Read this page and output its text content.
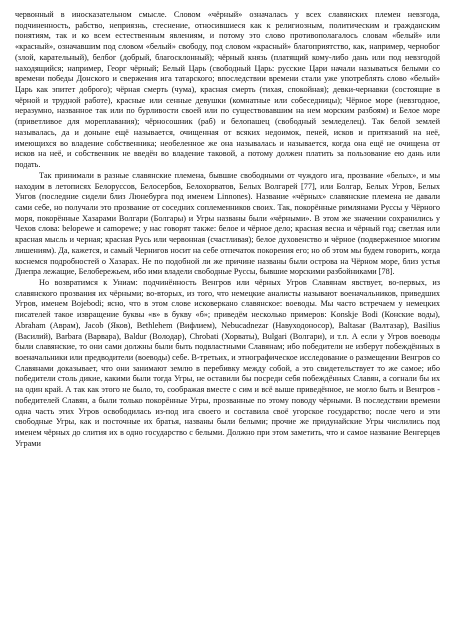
червонный в иносказательном смысле. Словом «чёрный» означалась у всех славянских племен невзгода, подчиненность, рабство, неприязнь, стеснение, относившиеся как к религиозным, политическим и гражданским понятиям, так и ко всем естественным явлениям, и потому это слово противополагалось словам «белый» или «красный», означавшим под словом «белый» свободу, под словом «красный» благоприятство, как, например, чернобог (злой, карательный), белбог (добрый, благосклонный); чёрный князь (платящий кому-либо дань или под невзгодой находящийся; например, Георг чёрный; Белый Царь (свободный Царь: русские Цари начали называться белыми со времени победы Донского и свержения ига татарского; впоследствии времени стали уже употреблять слово «белый» Царь как эпитет доброго); чёрная смерть (чума), красная смерть (тихая, спокойная); девки-чернавки (состоящие в чёрной и трудной работе), красные или сенные девушки (комнатные или собеседницы); Чёрное море (невзгодное, неразумно, названное так или по бурливости своей или по существовавшим на нем морским разбоям) и Белое море (приветливое для мореплавания); чёрносошник (раб) и белопашец (свободный земледелец). Так белой землей называлась, да и доныне ещё называется, очищенная от всяких недоимок, пеней, исков и притязаний на неё, имеющихся во владение собственника; необеленное же она называлась и называется, когда она ещё не очищена от исков на неё, и собственник не введён во владение таковой, а потому должен платить за пользование ею дань или подать.

Так принимали в разные славянские племена, бывшие свободными от чуждого ига, прозвание «белых», и мы находим в летописях Белорусcов, Белосербов, Белохорватов, Белых Волгарей [77], или Болгар, Белых Угров, Белых Унгов (последние сидели близ Люнебурга под именем Linnones). Название «чёрных» славянские племена не давали сами себе, но получали это прозвание от соседних соплеменников своих. Так, покорённые римлянами Руссы у Чёрного моря, покорённые Хазарами Волгари (Болгары) и Угры названы были «чёрными». В этом же значении сохранились у Чехов слова: belopewe и camopewe; у нас говорят также: белое и чёрное дело; красная весна и чёрный год; светлая или красная мысль и черная; красная Русь или червонная (счастливая); белое духовенство и чёрное (подверженное многим лишениям). Да, кажется, и самый Чернигов носит на себе отпечаток покорения его; но об этом мы будем говорить, когда коснемся подробностей о Хазарах. Не по подобной ли же причине названы были острова на Чёрном море, близ устья Днепра лежащие, Белобережьем, ибо ими владели свободные Руссы, бывшие морскими разбойниками [78].

Но возвратимся к Униам: подчинённость Венгров или чёрных Угров Славянам явствует, во-первых, из славянского прозвания их чёрными; во-вторых, из того, что немецкие аналисты называют военачальников, приведших Угров, именем Bojebodi; ясно, что в этом слове исковеркано славянское: воеводы. Мы часто встречаем у немецких писателей такое извращение буквы «в» в букву «б»; приведём несколько примеров: Konskje Bodi (Конские воды), Abraham (Аврам), Jacob (Яков), Bethlehem (Вифлием), Nebucadnezar (Навуходоносор), Baltasar (Валтазар), Basilius (Василий), Barbara (Варвара), Baldur (Володар), Chrobati (Хорваты), Bulgari (Волгари), и т.п. А если у Угров воеводы были славянские, то они сами должны были быть подвластными Славянам; ибо победители не изберут побеждённых в военачальники или предводители (воеводы) себе. В-третьих, и этнографическое исследование о размещении Венгров со Славянами доказывает, что они занимают землю в перебивку между собой, а это свидетельствует то же самое; ибо победители столь дикие, какими были тогда Угры, не оставили бы посреди себя побеждённых Славян, а согнали бы их на один край. А так как этого не было, то, соображая вместе с сим и всё выше приведённое, не могло быть и Венгров - победителей Славян, а были только покорённые Угры, прозванные по этому поводу чёрными. В последствии времени одна часть этих Угров освободилась из-под ига своего и составила своё угорское государство; после чего и эти свободные Угры, как и посточные их братья, названы были белыми; прочие же придунайские Угры числились под именем чёрных до слития их в одно государство с белыми. Должно при этом заметить, что и самое название Венгерцев Уграми
